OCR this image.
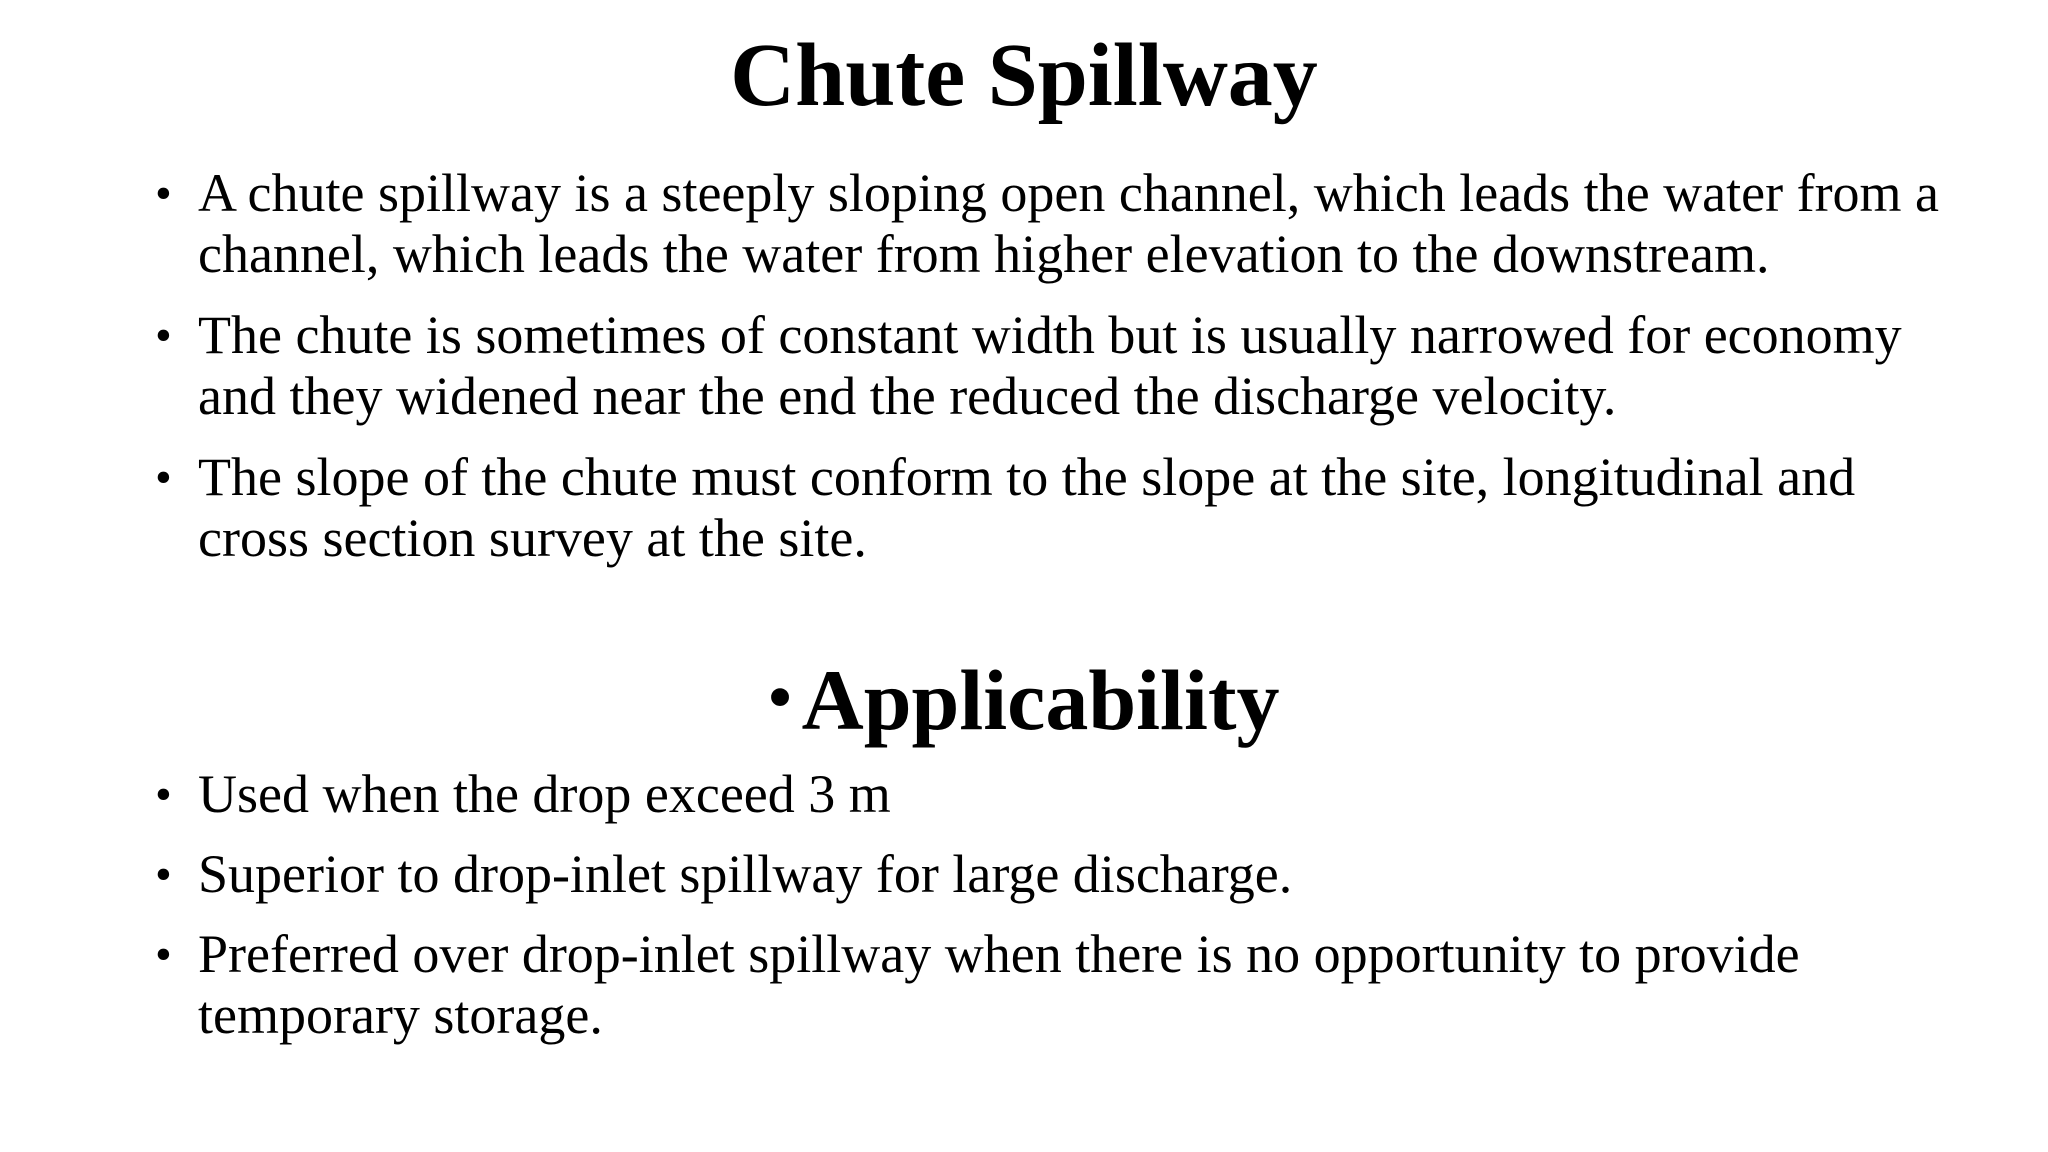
Chute Spillway
• A chute spillway is a steeply sloping open channel, which leads the water from a channel, which leads the water from higher elevation to the downstream.
• The chute is sometimes of constant width but is usually narrowed for economy and they widened near the end the reduced the discharge velocity.
• The slope of the chute must conform to the slope at the site, longitudinal and cross section survey at the site.
• Applicability
• Used when the drop exceed 3 m
• Superior to drop-inlet spillway for large discharge.
• Preferred over drop-inlet spillway when there is no opportunity to provide temporary storage.
